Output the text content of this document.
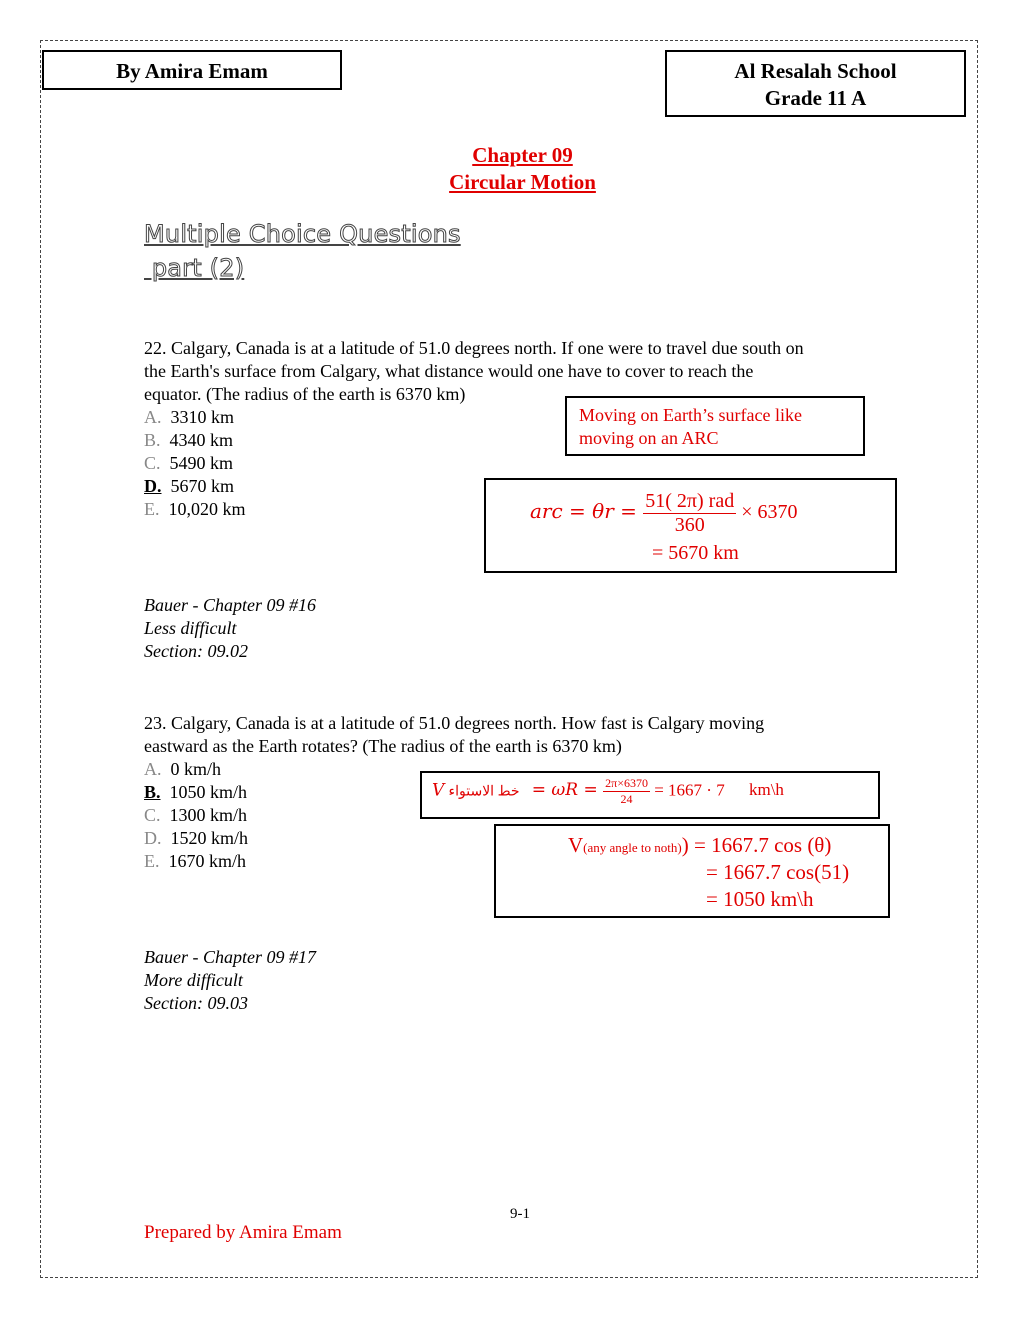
By Amira Emam	Al Resalah School
Grade 11 A
Chapter 09
Circular Motion
Multiple Choice Questions
part (2)
22. Calgary, Canada is at a latitude of 51.0 degrees north. If one were to travel due south on
the Earth's surface from Calgary, what distance would one have to cover to reach the
equator. (The radius of the earth is 6370 km)
A. 3310 km
B. 4340 km
C. 5490 km
D. 5670 km
E. 10,020 km
Moving on Earth’s surface like
moving on an ARC
arc = $\theta r = \frac{\text{51( 2π) rad}}{360} \times 6370$
= 5670 km
Bauer - Chapter 09 #16
Less difficult
Section: 09.02
23. Calgary, Canada is at a latitude of 51.0 degrees north. How fast is Calgary moving
eastward as the Earth rotates? (The radius of the earth is 6370 km)
A. 0 km/h
B. 1050 km/h
C. 1300 km/h
D. 1520 km/h
E. 1670 km/h
V خط الاستواء = $\omega R = \frac{2\pi\times 6370}{24} = 1667 \cdot 7$ km\h
V(any angle to noth)) = 1667.7 cos (θ)
= 1667.7 cos(51)
= 1050 km\h
Bauer - Chapter 09 #17
More difficult
Section: 09.03
9-1
Prepared by Amira Emam
